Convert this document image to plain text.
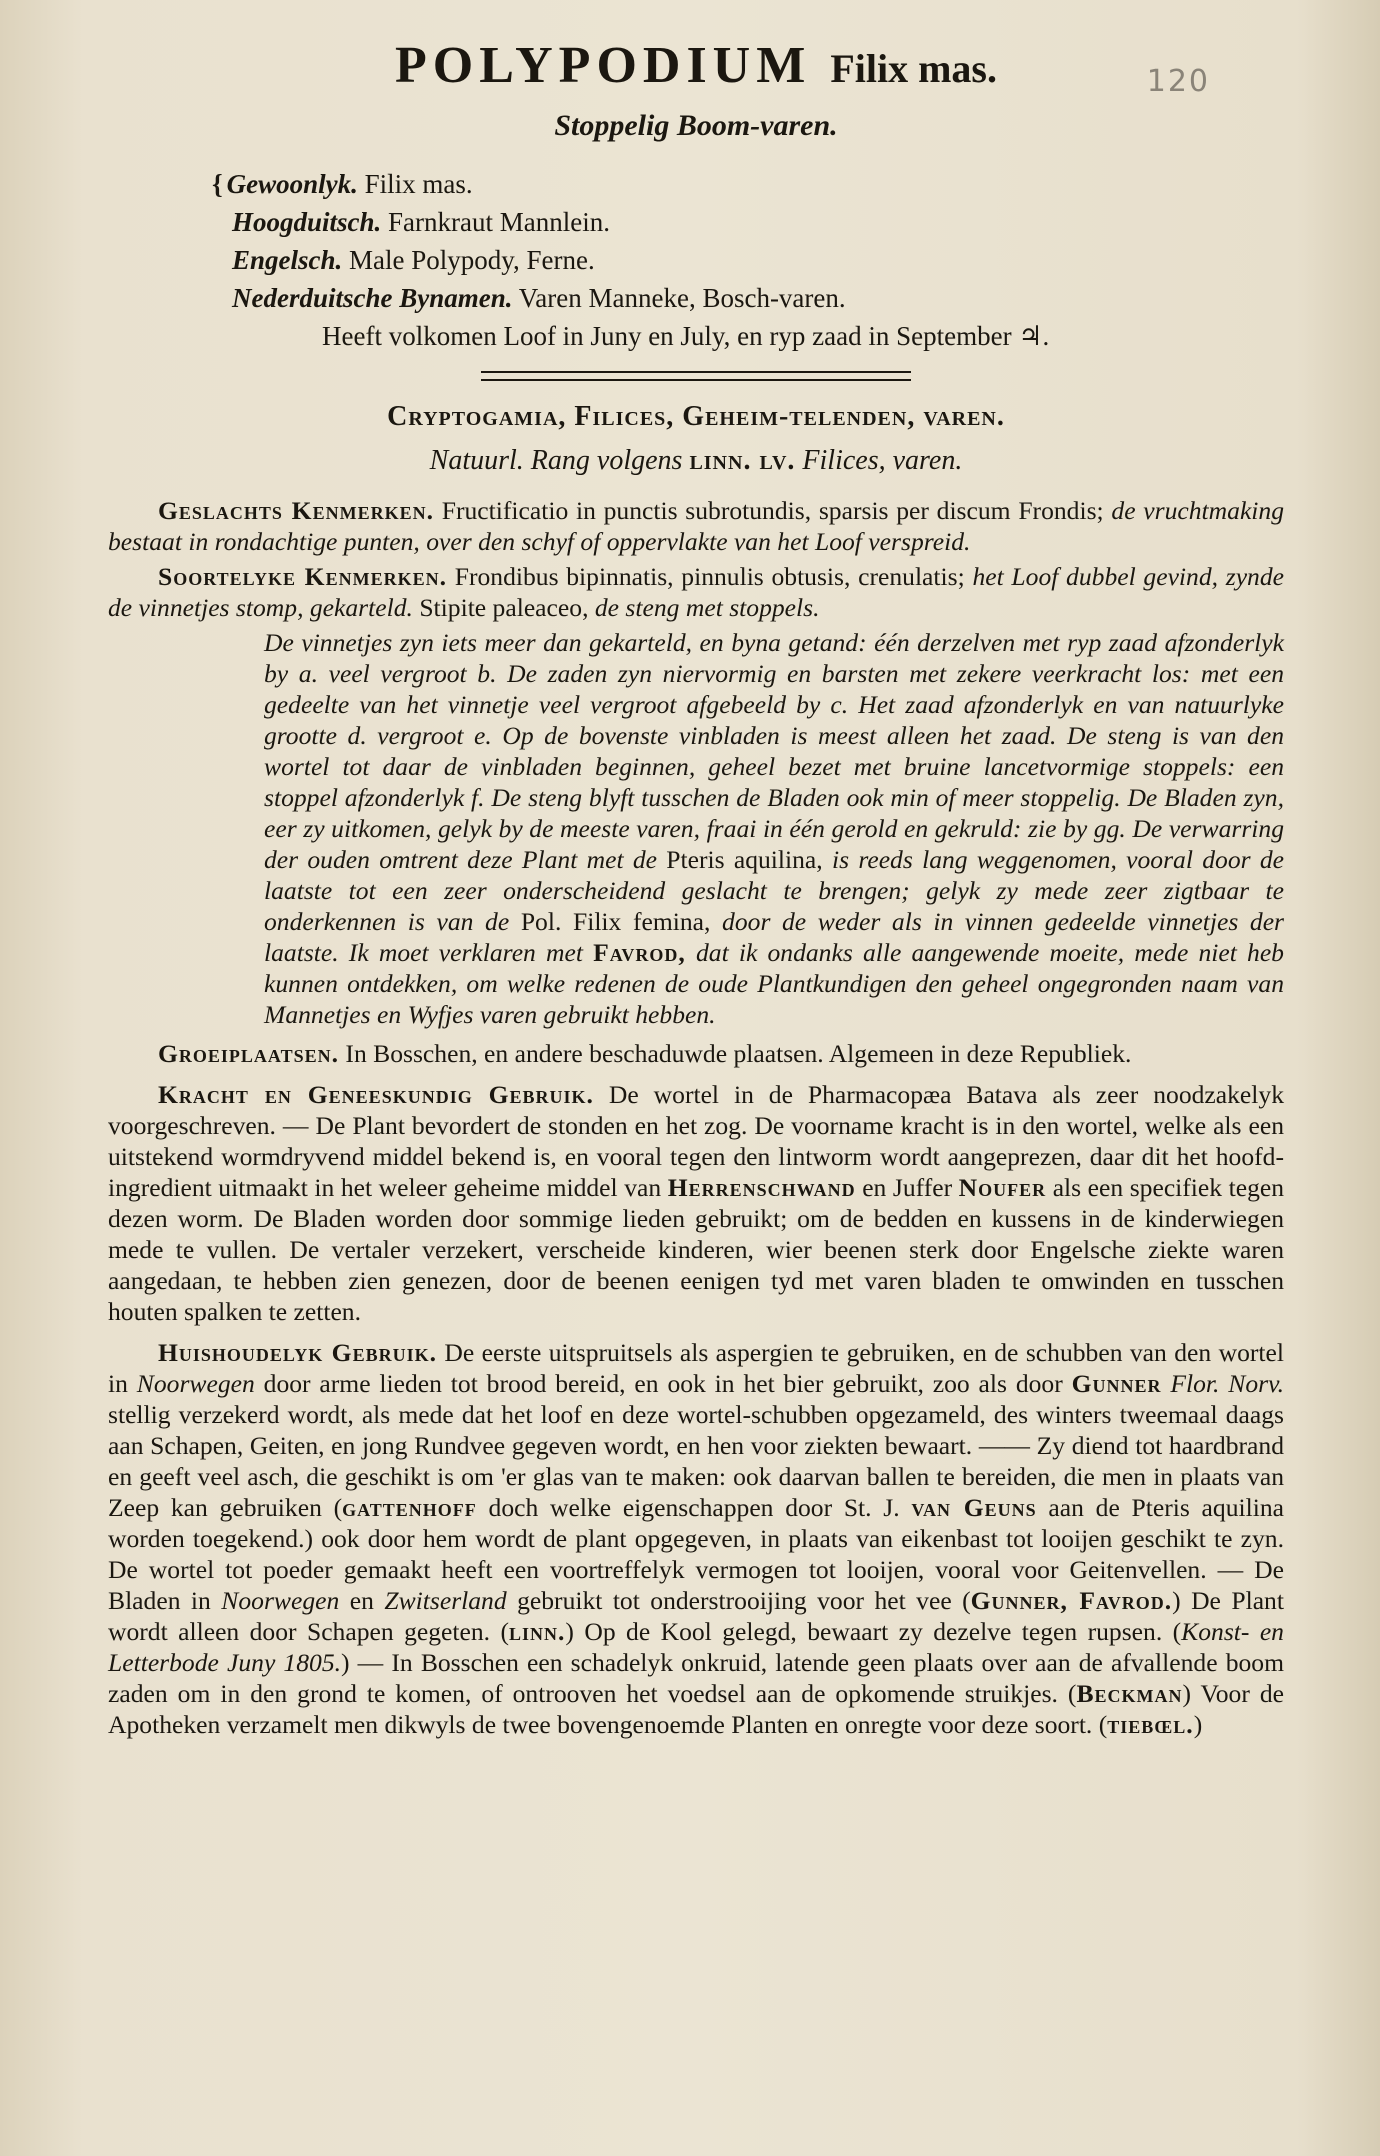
120
POLYPODIUM Filix mas.
Stoppelig Boom-varen.
{ Gewoonlyk. Filix mas.
Hoogduitsch. Farnkraut Mannlein.
Engelsch. Male Polypody, Ferne.
Nederduitsche Bynamen. Varen Manneke, Bosch-varen.
Heeft volkomen Loof in Juny en July, en ryp zaad in September ♃.
Cryptogamia, Filices, Geheim-telenden, varen.
Natuurl. Rang volgens linn. lv. Filices, varen.

Geslachts Kenmerken. Fructificatio in punctis subrotundis, sparsis per discum Frondis; de vruchtmaking bestaat in rondachtige punten, over den schyf of oppervlakte van het Loof verspreid.

Soortelyke Kenmerken. Frondibus bipinnatis, pinnulis obtusis, crenulatis; het Loof dubbel gevind, zynde de vinnetjes stomp, gekarteld. Stipite paleaceo, de steng met stoppels.

De vinnetjes zyn iets meer dan gekarteld, en byna getand: één derzelven met ryp zaad afzonderlyk by a. veel vergroot b. De zaden zyn niervormig en barsten met zekere veerkracht los: met een gedeelte van het vinnetje veel vergroot afgebeeld by c. Het zaad afzonderlyk en van natuurlyke grootte d. vergroot e. Op de bovenste vinbladen is meest alleen het zaad. De steng is van den wortel tot daar de vinbladen beginnen, geheel bezet met bruine lancetvormige stoppels: een stoppel afzonderlyk f. De steng blyft tusschen de Bladen ook min of meer stoppelig. De Bladen zyn, eer zy uitkomen, gelyk by de meeste varen, fraai in één gerold en gekruld: zie by gg. De verwarring der ouden omtrent deze Plant met de Pteris aquilina, is reeds lang weggenomen, vooral door de laatste tot een zeer onderscheidend geslacht te brengen; gelyk zy mede zeer zigtbaar te onderkennen is van de Pol. Filix femina, door de weder als in vinnen gedeelde vinnetjes der laatste. Ik moet verklaren met Favrod, dat ik ondanks alle aangewende moeite, mede niet heb kunnen ontdekken, om welke redenen de oude Plantkundigen den geheel ongegronden naam van Mannetjes en Wyfjes varen gebruikt hebben.

Groeiplaatsen. In Bosschen, en andere beschaduwde plaatsen. Algemeen in deze Republiek.

Kracht en Geneeskundig Gebruik. De wortel in de Pharmacopæa Batava als zeer noodzakelyk voorgeschreven. — De Plant bevordert de stonden en het zog. De voorname kracht is in den wortel, welke als een uitstekend wormdryvend middel bekend is, en vooral tegen den lintworm wordt aangeprezen, daar dit het hoofd-ingredient uitmaakt in het weleer geheime middel van Herrenschwand en Juffer Noufer als een specifiek tegen dezen worm. De Bladen worden door sommige lieden gebruikt; om de bedden en kussens in de kinderwiegen mede te vullen. De vertaler verzekert, verscheide kinderen, wier beenen sterk door Engelsche ziekte waren aangedaan, te hebben zien genezen, door de beenen eenigen tyd met varen bladen te omwinden en tusschen houten spalken te zetten.

Huishoudelyk Gebruik. De eerste uitspruitsels als aspergien te gebruiken, en de schubben van den wortel in Noorwegen door arme lieden tot brood bereid, en ook in het bier gebruikt, zoo als door Gunner Flor. Norv. stellig verzekerd wordt, als mede dat het loof en deze wortel-schubben opgezameld, des winters tweemaal daags aan Schapen, Geiten, en jong Rundvee gegeven wordt, en hen voor ziekten bewaart. —— Zy diend tot haardbrand en geeft veel asch, die geschikt is om 'er glas van te maken: ook daarvan ballen te bereiden, die men in plaats van Zeep kan gebruiken (gattenhoff doch welke eigenschappen door St. J. van Geuns aan de Pteris aquilina worden toegekend.) ook door hem wordt de plant opgegeven, in plaats van eikenbast tot looijen geschikt te zyn. De wortel tot poeder gemaakt heeft een voortreffelyk vermogen tot looijen, vooral voor Geitenvellen. — De Bladen in Noorwegen en Zwitserland gebruikt tot onderstrooijing voor het vee (Gunner, Favrod.) De Plant wordt alleen door Schapen gegeten. (linn.) Op de Kool gelegd, bewaart zy dezelve tegen rupsen. (Konst- en Letterbode Juny 1805.) — In Bosschen een schadelyk onkruid, latende geen plaats over aan de afvallende boom zaden om in den grond te komen, of ontrooven het voedsel aan de opkomende struikjes. (Beckman) Voor de Apotheken verzamelt men dikwyls de twee bovengenoemde Planten en onregte voor deze soort. (tiebœl.)
